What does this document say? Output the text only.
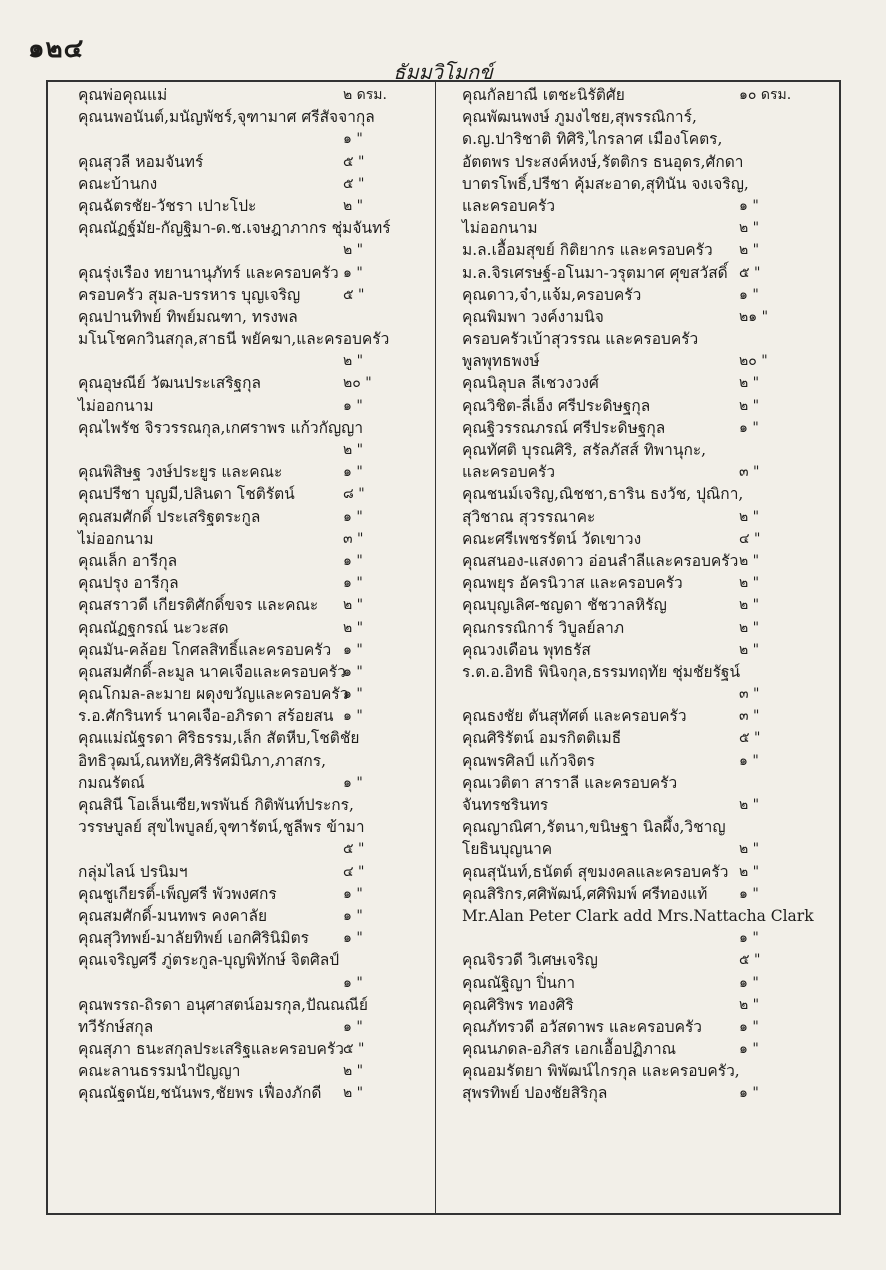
๑๒๔
ธัมมวิโมกข์
คุณพ่อคุณแม่	๒ ดรม.
คุณนพอนันต์,มนัญพัชร์,จุฑามาศ ศรีสัจจากุล
๑ "
คุณสุวลี หอมจันทร์	๕ "
คณะบ้านกง	๕ "
คุณฉัตรชัย-วัชรา เปาะโปะ	๒ "
คุณณัฏฐ์มัย-กัญฐิมา-ด.ช.เจษฎาภากร ชุ่มจันทร์
๒ "
คุณรุ่งเรือง ทยานานุภัทร์ และครอบครัว ๑ "
ครอบครัว สุมล-บรรหาร บุญเจริญ	๕ "
คุณปานทิพย์ ทิพย์มณฑา, ทรงพล
มโนโชคกวินสกุล,สาธนี พยัคฆา,และครอบครัว
๒ "
คุณอุษณีย์ วัฒนประเสริฐกุล	๒๐ "
ไม่ออกนาม	๑ "
คุณไพรัช จิรวรรณกุล,เกศราพร แก้วกัญญา
๒ "
คุณพิสิษฐ วงษ์ประยูร และคณะ	๑ "
คุณปรีชา บุญมี,ปลินดา โชติรัตน์	๘ "
คุณสมศักดิ์ ประเสริฐตระกูล	๑ "
ไม่ออกนาม	๓ "
คุณเล็ก อารีกุล	๑ "
คุณปรุง อารีกุล	๑ "
คุณสราวดี เกียรติศักดิ์ขจร และคณะ ๒ "
คุณณัฏฐกรณ์ นะวะสด	๒ "
คุณมัน-คล้อย โกศลสิทธิ์และครอบครัว ๑ "
คุณสมศักดิ์-ละมูล นาคเจือและครอบครัว
๑ "
คุณโกมล-ละมาย ผดุงขวัญและครอบครัว
๑ "
ร.อ.ศักรินทร์ นาคเจือ-อภิรดา สร้อยสน ๑ "
คุณแม่ณัฐรดา ศิริธรรม,เล็ก สัตหีบ,โชติชัย
อิทธิวุฒน์,ณหทัย,ศิริรัศมินิภา,ภาสกร,
กมณรัตณ์	๑ "
คุณสินี โอเล็นเซีย,พรพันธ์ กิติพันท์ประกร,
วรรษบูลย์ สุขไพบูลย์,จุฑารัตน์,ชูลีพร ข้ามา
๕ "
กลุ่มไลน์ ปรนิมฯ	๔ "
คุณชูเกียรติ์-เพ็ญศรี พัวพงศกร	๑ "
คุณสมศักดิ์-มนทพร คงคาลัย	๑ "
คุณสุวิทพย์-มาลัยทิพย์ เอกศิรินิมิตร ๑ "
คุณเจริญศรี ภู่ตระกูล-บุญพิทักษ์ จิตศิลป์
๑ "
คุณพรรถ-ถิรดา อนุศาสตน์อมรกุล,ปัณณณีย์
ทวีรักษ์สกุล	๑ "
คุณสุภา ธนะสกุลประเสริฐและครอบครัว ๕ "
คณะลานธรรมนำปัญญา	๒ "
คุณณัฐดนัย,ชนันพร,ชัยพร เฟื่องภักดี ๒ "
คุณกัลยาณี เตชะนิรัติศัย	๑๐ ดรม.
คุณพัฒนพงษ์ ภูมงไชย,สุพรรณิการ์,
ด.ญ.ปาริชาติ ทิศิริ,ไกรลาศ เมืองโคตร,
อัตตพร ประสงค์หงษ์,รัตติกร ธนอุดร,ศักดา
บาตรโพธิ์,ปรีชา คุ้มสะอาด,สุทินัน จงเจริญ,
และครอบครัว	๑ "
ไม่ออกนาม	๒ "
ม.ล.เอื้อมสุขย์ กิติยากร และครอบครัว ๒ "
ม.ล.จิรเศรษฐ์-อโนมา-วรุตมาศ ศุขสวัสดิ์ ๕ "
คุณดาว,จ๋า,แจ้ม,ครอบครัว	๑ "
คุณพิมพา วงค์งามนิจ	๒๑ "
ครอบครัวเบ้าสุวรรณ และครอบครัว
พูลพุทธพงษ์	๒๐ "
คุณนิลุบล ลีเชวงวงศ์	๒ "
คุณวิชิต-ลี่เอ็ง ศรีประดิษฐกุล	๒ "
คุณฐิวรรณภรณ์ ศรีประดิษฐกุล	๑ "
คุณทัศติ บุรณศิริ, สรัลภัสส์ ทิพานุกะ,
และครอบครัว	๓ "
คุณชนม์เจริญ,ณิชชา,ธาริน ธงวัช, ปุณิกา,
สุวิชาณ สุวรรณาคะ	๒ "
คณะศรีเพชรรัตน์ วัดเขาวง	๔ "
คุณสนอง-แสงดาว อ่อนลำลีและครอบครัว ๒ "
คุณพยุร อัครนิวาส และครอบครัว	๒ "
คุณบุญเลิศ-ชญดา ชัชวาลหิรัญ	๒ "
คุณกรรณิการ์ วิบูลย์ลาภ	๒ "
คุณวงเดือน พุทธรัส	๒ "
ร.ต.อ.อิทธิ พินิจกุล,ธรรมทฤทัย ชุ่มชัยรัฐน์
๓ "
คุณธงชัย ตันสุทัศต์ และครอบครัว	๓ "
คุณศิริรัตน์ อมรกิตติเมธี	๕ "
คุณพรศิลป์ แก้วจิตร	๑ "
คุณเวติตา สาราลี และครอบครัว
จันทรชรินทร	๒ "
คุณญาณิศา,รัตนา,ขนิษฐา นิลผึ้ง,วิชาญ
โยธินบุญนาค	๒ "
คุณสุนันท์,ธนัตต์ สุขมงคลและครอบครัว ๒ "
คุณสิริกร,ศศิพัฒน์,ศศิพิมพ์ ศรีทองแท้ ๑ "
Mr.Alan Peter Clark add Mrs.Nattacha Clark
๑ "
คุณจิรวดี วิเศษเจริญ	๕ "
คุณณัฐิญา ปิ่นกา	๑ "
คุณศิริพร ทองศิริ	๒ "
คุณภัทรวดี อวัสดาพร และครอบครัว	๑ "
คุณนภดล-อภิสร เอกเอื้อปฏิภาณ	๑ "
คุณอมรัตยา พิพัฒน์ไกรกุล และครอบครัว,
สุพรทิพย์ ปองชัยสิริกุล	๑ "
